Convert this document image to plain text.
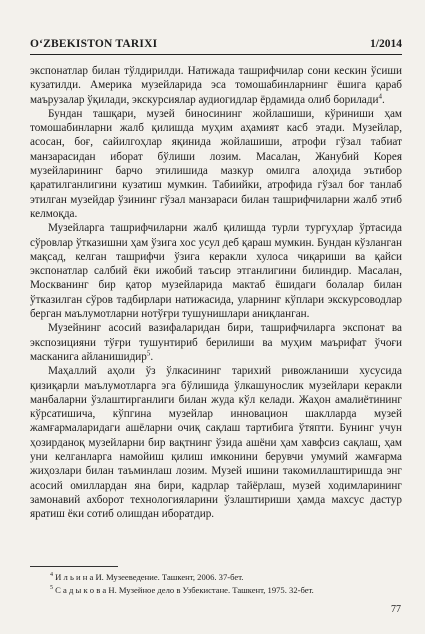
O‘ZBEKISTON TARIXI	1/2014

экспонатлар билан тўлдирилди. Натижада ташрифчилар сони кескин ўсиши кузатилди. Америка музейларида эса томошабинларнинг ёшига қараб маърузалар ўқилади, экскурсиялар аудиогидлар ёрдамида олиб борилади$^4$.

Бундан ташқари, музей биносининг жойлашиши, кўриниши ҳам томошабинларни жалб қилишда муҳим аҳамият касб этади. Музейлар, асосан, боғ, сайилгоҳлар яқинида жойлашиши, атрофи гўзал табиат манзарасидан иборат бўлиши лозим. Масалан, Жанубий Корея музейларининг барчо этилишида мазкур омилга алоҳида эътибор қаратилганлигини кузатиш мумкин. Табиийки, атрофида гўзал боғ танлаб этилган музейдар ўзининг гўзал манзараси билан ташрифчиларни жалб этиб келмоқда.

Музейларга ташрифчиларни жалб қилишда турли тургуҳлар ўртасида сўровлар ўтказишни ҳам ўзига хос усул деб қараш мумкин. Бундан кўзланган мақсад, келган ташрифчи ўзига керакли хулоса чиқариши ва қайси экспонатлар салбий ёки ижобий таъсир этганлигини билиндир. Масалан, Москванинг бир қатор музейларида мактаб ёшидаги болалар билан ўтказилган сўров тадбирлари натижасида, уларнинг кўплари экскурсоводлар берган маълумотларни нотўғри тушунишлари аниқланган.

Музейнинг асосий вазифаларидан бири, ташрифчиларга экспонат ва экспозицияни тўғри тушунтириб берилиши ва муҳим маърифат ўчоғи масканига айланишидир$^5$.

Маҳаллий аҳоли ўз ўлкасининг тарихий ривожланиши хусусида қизиқарли маълумотларга эга бўлишида ўлкашунослик музейлари керакли манбаларни ўзлаштирганлиги билан жуда кўл келади. Жаҳон амалиётининг кўрсатишича, кўпгина музейлар инновацион шаклларда музей жамғармаларидаги ашёларни очиқ сақлаш тартибига ўтяпти. Бунинг учун ҳозирданоқ музейларни бир вақтнинг ўзида ашёни ҳам хавфсиз сақлаш, ҳам уни келганларга намойиш қилиш имконини берувчи умумий жамғарма жиҳозлари билан таъминлаш лозим. Музей ишини такомиллаштиришда энг асосий омиллардан яна бири, кадрлар тайёрлаш, музей ходимларининг замонавий ахборот технологияларини ўзлаштириши ҳамда махсус дастур яратиш ёки сотиб олишдан иборатдир.

$^4$ И л ь и н а И. Музееведение. Ташкент, 2006. 37-бет.
$^5$ С а д ы к о в а Н. Музейное дело в Узбекистане. Ташкент, 1975. 32-бет.
77
